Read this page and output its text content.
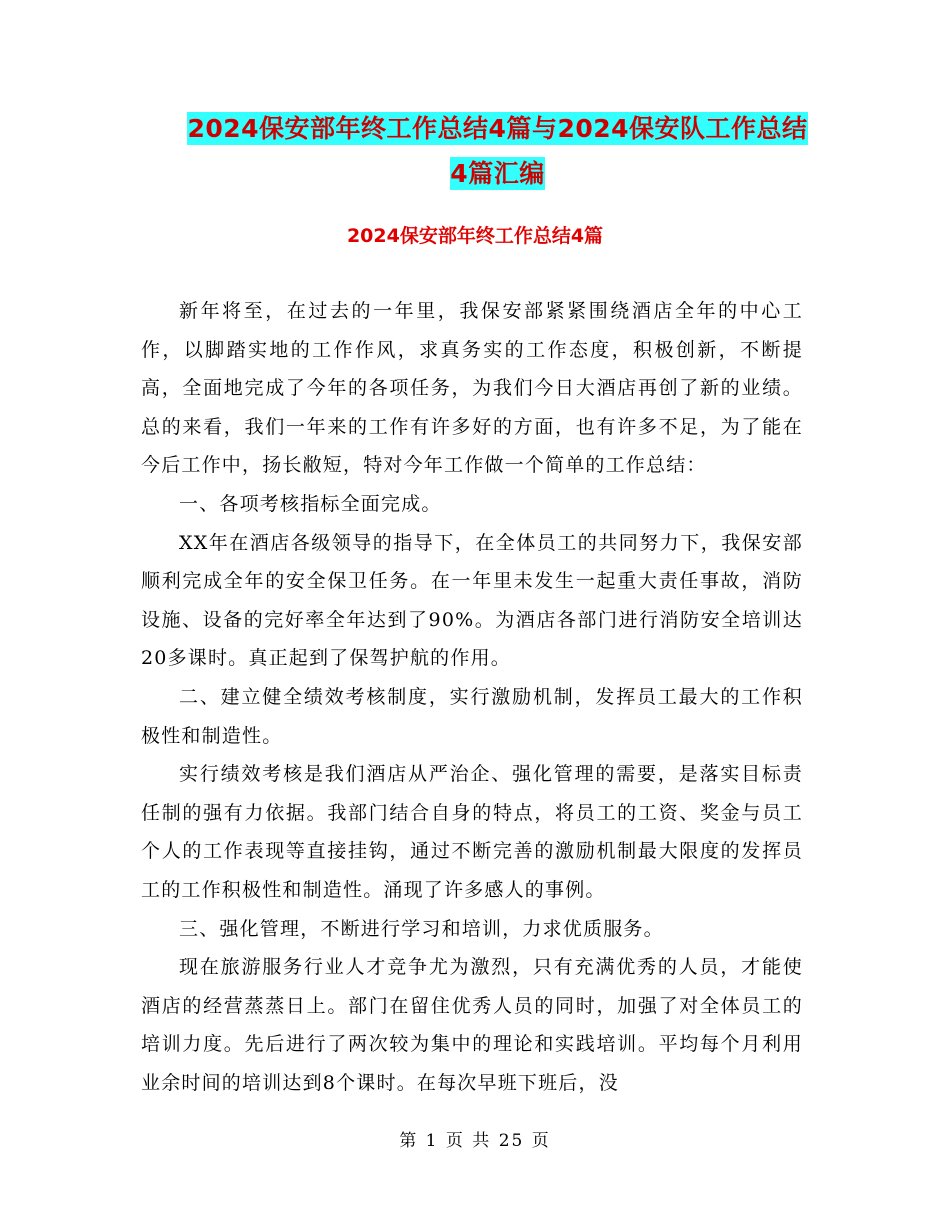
2024保安部年终工作总结4篇与2024保安队工作总结
4篇汇编
2024保安部年终工作总结4篇

新年将至，在过去的一年里，我保安部紧紧围绕酒店全年的中心工作，以脚踏实地的工作作风，求真务实的工作态度，积极创新，不断提高，全面地完成了今年的各项任务，为我们今日大酒店再创了新的业绩。总的来看，我们一年来的工作有许多好的方面，也有许多不足，为了能在今后工作中，扬长敝短，特对今年工作做一个简单的工作总结：

一、各项考核指标全面完成。

XX年在酒店各级领导的指导下，在全体员工的共同努力下，我保安部顺利完成全年的安全保卫任务。在一年里未发生一起重大责任事故，消防设施、设备的完好率全年达到了90%。为酒店各部门进行消防安全培训达20多课时。真正起到了保驾护航的作用。

二、建立健全绩效考核制度，实行激励机制，发挥员工最大的工作积极性和制造性。

实行绩效考核是我们酒店从严治企、强化管理的需要，是落实目标责任制的强有力依据。我部门结合自身的特点，将员工的工资、奖金与员工个人的工作表现等直接挂钩，通过不断完善的激励机制最大限度的发挥员工的工作积极性和制造性。涌现了许多感人的事例。

三、强化管理，不断进行学习和培训，力求优质服务。

现在旅游服务行业人才竞争尤为激烈，只有充满优秀的人员，才能使酒店的经营蒸蒸日上。部门在留住优秀人员的同时，加强了对全体员工的培训力度。先后进行了两次较为集中的理论和实践培训。平均每个月利用业余时间的培训达到8个课时。在每次早班下班后，没

第 1 页 共 25 页
